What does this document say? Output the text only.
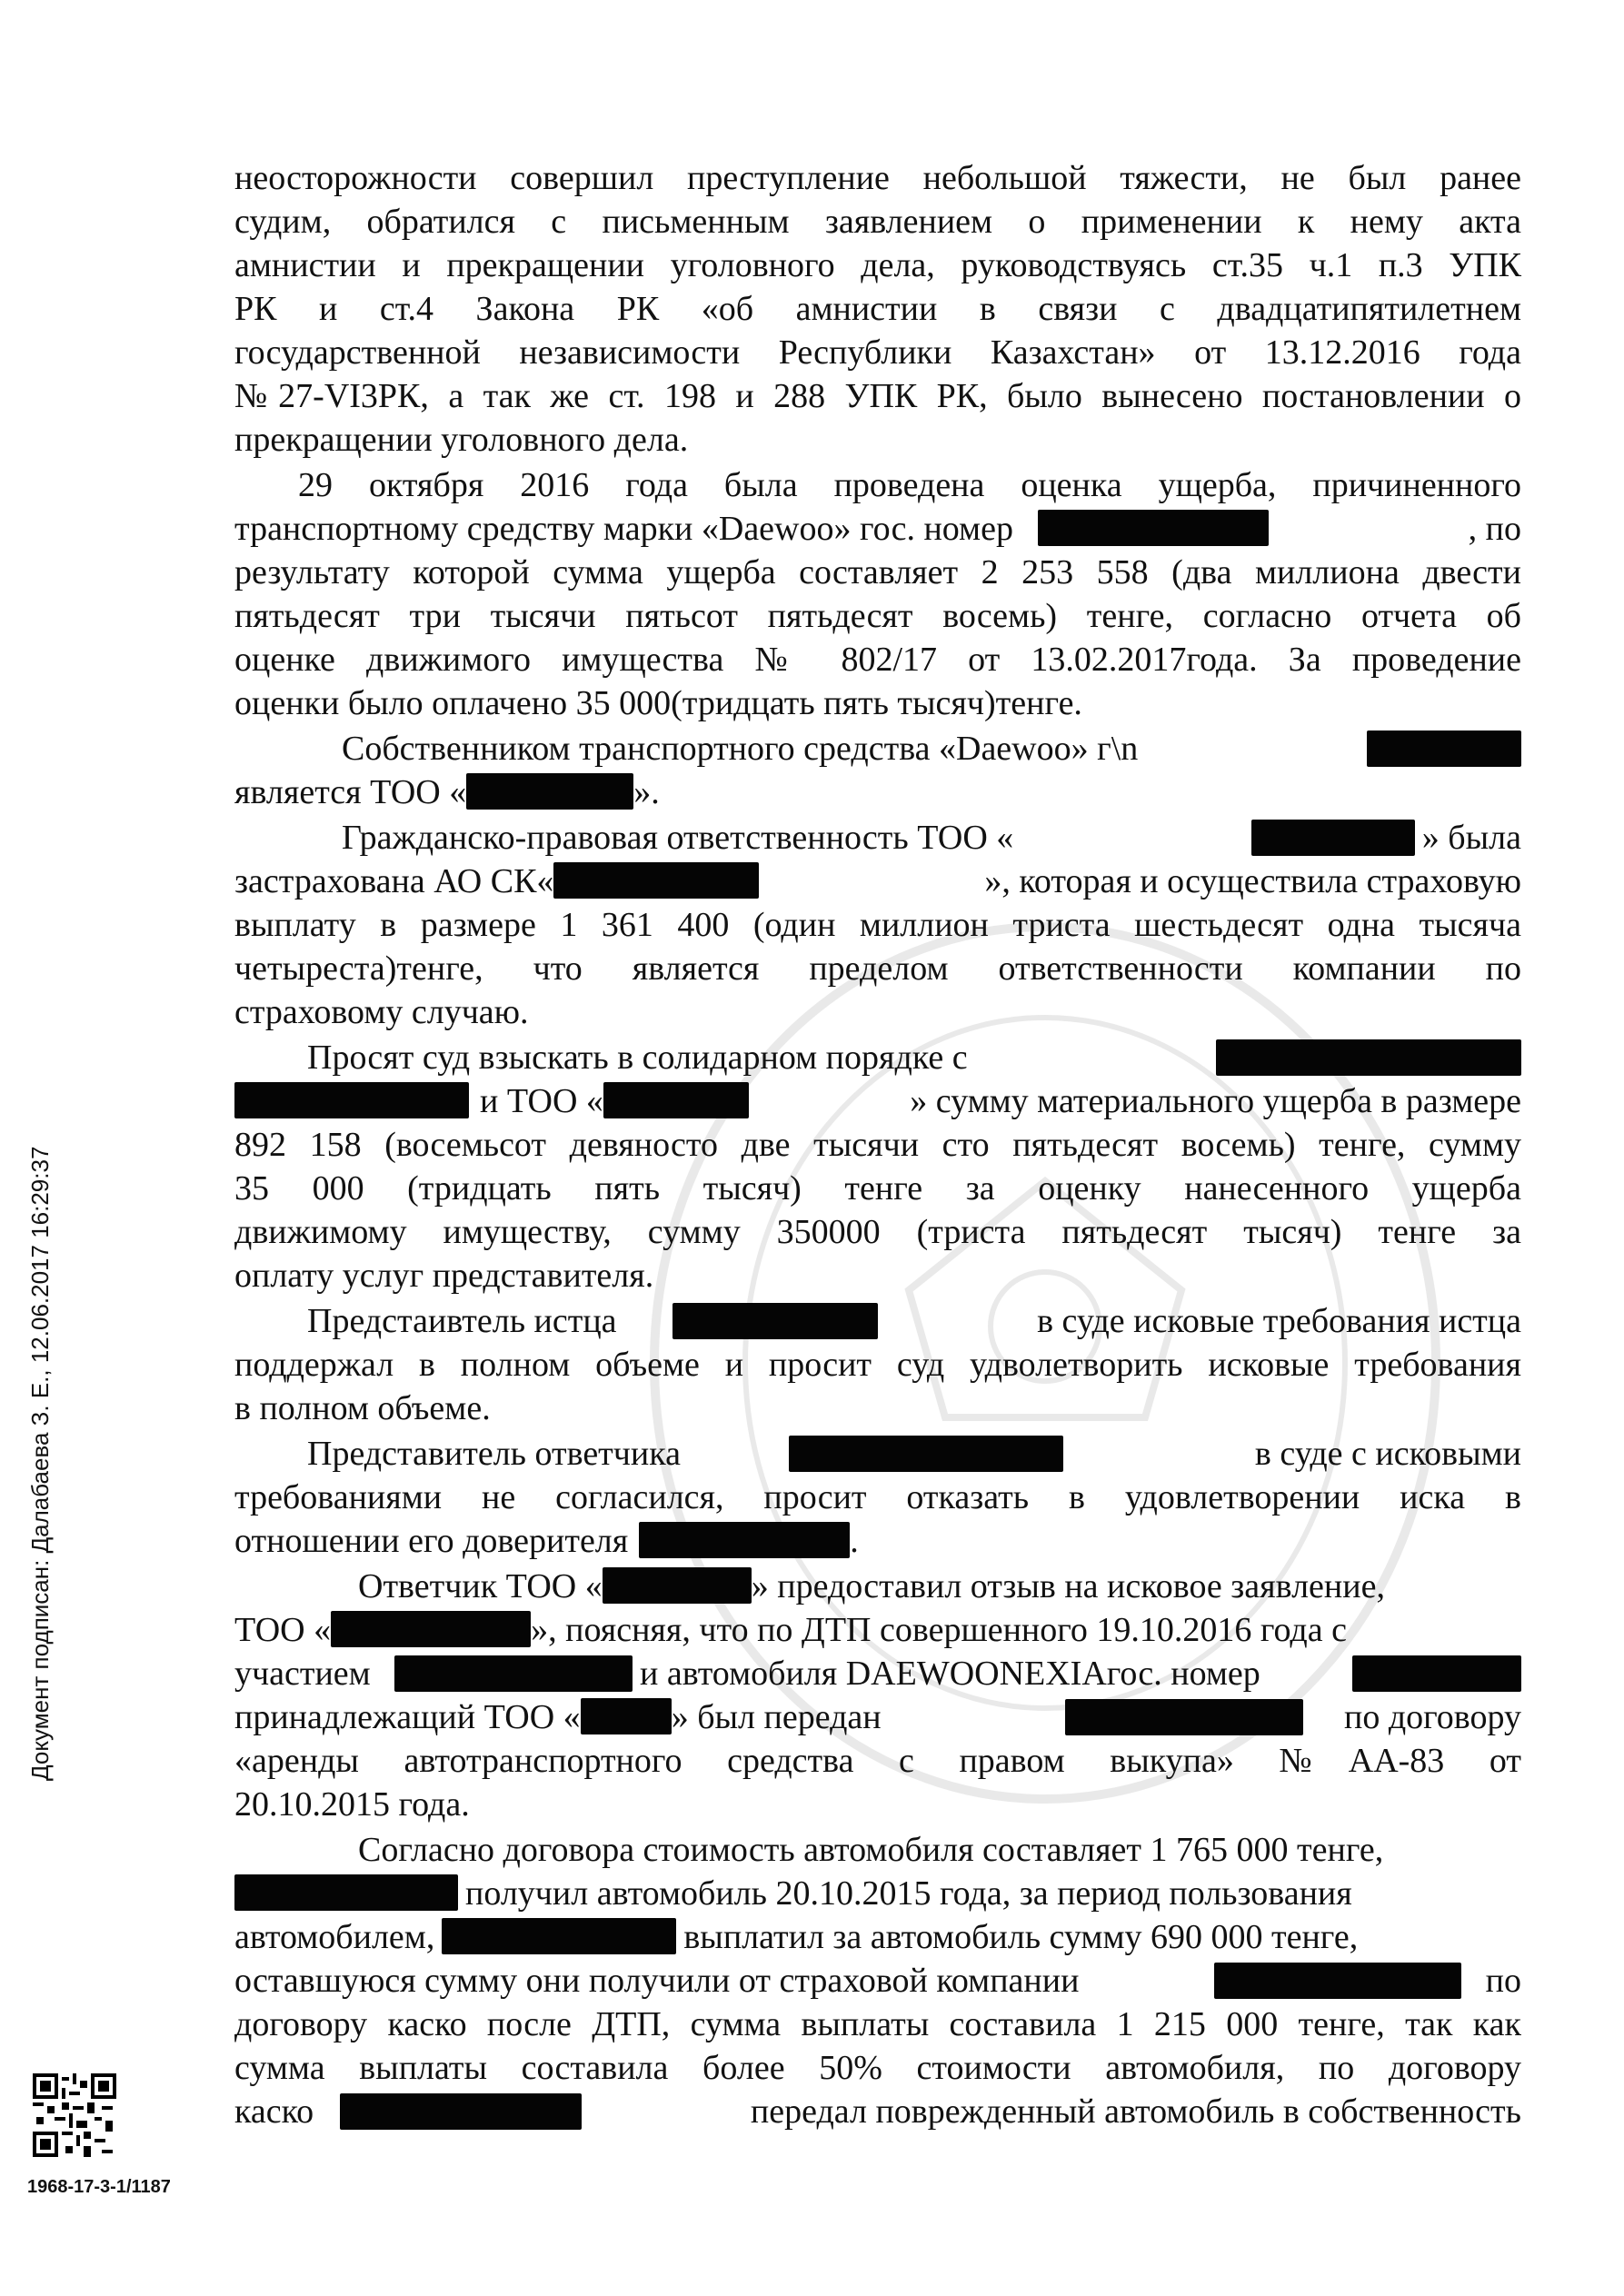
неосторожности совершил преступление небольшой тяжести, не был ранее
судим, обратился с письменным заявлением о применении к нему акта
амнистии и прекращении уголовного дела, руководствуясь ст.35 ч.1 п.3 УПК
РК и ст.4 Закона РК «об амнистии в связи с двадцатипятилетнем
государственной независимости Республики Казахстан» от 13.12.2016 года
№27-VI3РК, а так же ст. 198 и 288 УПК РК, было вынесено постановлении о
прекращении уголовного дела.
29 октября 2016 года была проведена оценка ущерба, причиненного
транспортному средству марки «Daewoo» гос. номер	, по
результату которой сумма ущерба составляет 2 253 558 (два миллиона двести
пятьдесят три тысячи пятьсот пятьдесят восемь) тенге, согласно отчета об
оценке движимого имущества № 802/17 от 13.02.2017года. За проведение
оценки было оплачено 35 000(тридцать пять тысяч)тенге.
Собственником транспортного средства «Daewoo» г\n
является ТОО «	».
Гражданско-правовая ответственность ТОО «	» была
застрахована АО СК«	», которая и осуществила страховую
выплату в размере 1 361 400 (один миллион триста шестьдесят одна тысяча
четыреста)тенге, что является пределом ответственности компании по
страховому случаю.
Просят суд взыскать в солидарном порядке с
и ТОО «	» сумму материального ущерба в размере
892 158 (восемьсот девяносто две тысячи сто пятьдесят восемь) тенге, сумму
35 000 (тридцать пять тысяч) тенге за оценку нанесенного ущерба
движимому имуществу, сумму 350000 (триста пятьдесят тысяч) тенге за
оплату услуг представителя.
Предстаивтель истца	в суде исковые требования истца
поддержал в полном объеме и просит суд удволетворить исковые требования
в полном объеме.
Представитель ответчика	в суде с исковыми
требованиями не согласился, просит отказать в удовлетворении иска в
отношении его доверителя	.
Ответчик ТОО «	» предоставил отзыв на исковое заявление,
ТОО «	», поясняя, что по ДТП совершенного 19.10.2016 года с
участием	и автомобиля DAEWOONEXIAгос. номер
принадлежащий ТОО «	» был передан	по договору
«аренды автотранспортного средства с правом выкупа» №АА-83 от
20.10.2015 года.
Согласно договора стоимость автомобиля составляет 1 765 000 тенге,
получил автомобиль 20.10.2015 года, за период пользования
автомобилем,	выплатил за автомобиль сумму 690 000 тенге,
оставшуюся сумму они получили от страховой компании	по
договору каско после ДТП, сумма выплаты составила 1 215 000 тенге, так как
сумма выплаты составила более 50% стоимости автомобиля, по договору
каско	передал поврежденный автомобиль в собственность
Документ подписан: Далабаева З. Е., 12.06.2017 16:29:37
1968-17-3-1/1187
